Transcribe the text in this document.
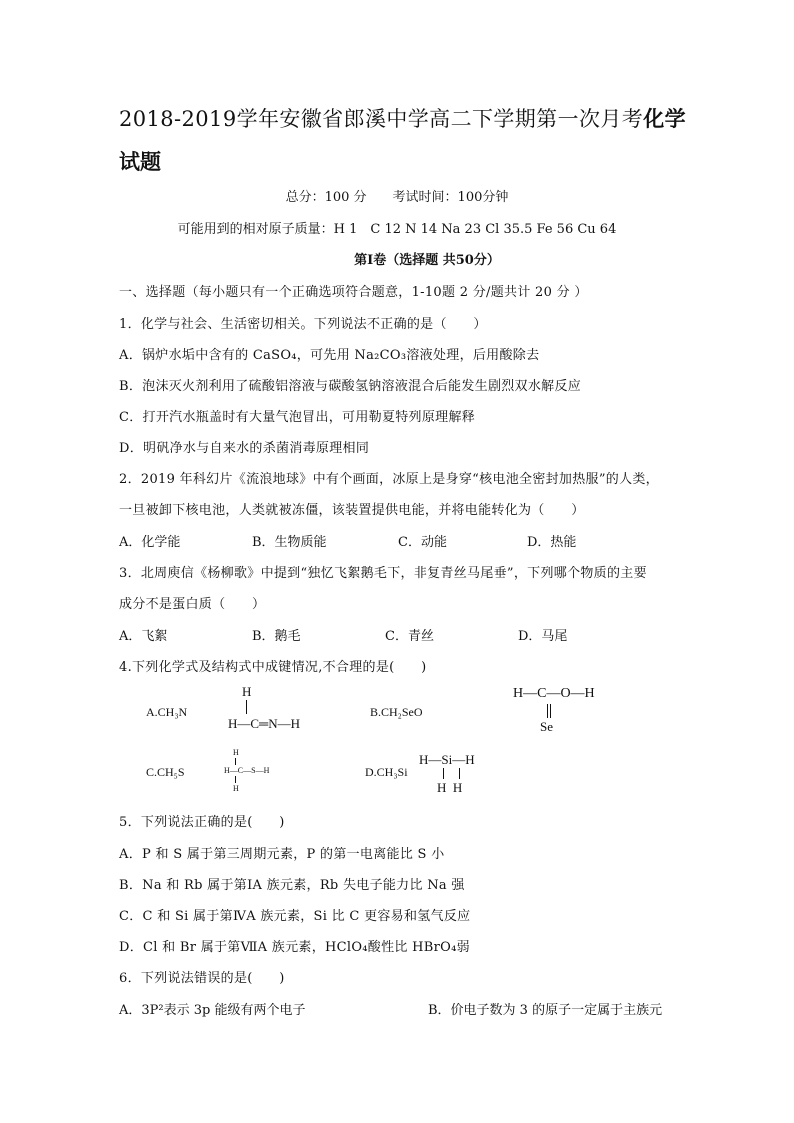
2018-2019学年安徽省郎溪中学高二下学期第一次月考化学
试题
总分：100 分　　考试时间：100分钟
可能用到的相对原子质量：H 1　C 12 N 14 Na 23 Cl 35.5 Fe 56 Cu 64
第Ⅰ卷（选择题 共50分）
一、选择题（每小题只有一个正确选项符合题意，1-10题 2 分/题共计 20 分 ）
1．化学与社会、生活密切相关。下列说法不正确的是（　　）
A．锅炉水垢中含有的 CaSO₄，可先用 Na₂CO₃溶液处理，后用酸除去
B．泡沫灭火剂利用了硫酸铝溶液与碳酸氢钠溶液混合后能发生剧烈双水解反应
C．打开汽水瓶盖时有大量气泡冒出，可用勒夏特列原理解释
D．明矾净水与自来水的杀菌消毒原理相同
2．2019 年科幻片《流浪地球》中有个画面，冰原上是身穿“核电池全密封加热服”的人类，
一旦被卸下核电池，人类就被冻僵，该装置提供电能，并将电能转化为（　　）
A．化学能	B．生物质能	C．动能	D．热能
3．北周庾信《杨柳歌》中提到“独忆飞絮鹅毛下，非复青丝马尾垂”，下列哪个物质的主要
成分不是蛋白质（　　）
A．飞絮	B．鹅毛	C．青丝	D．马尾
4.下列化学式及结构式中成键情况,不合理的是(　　)
A.CH₃N
H
H—C═N—H
B.CH₂SeO
H—C—O—H
Se
C.CH₅S
H
H—C—S—H
H
D.CH₃Si
H—Si—H
H  H
5．下列说法正确的是(　　)
A．P 和 S 属于第三周期元素，P 的第一电离能比 S 小
B．Na 和 Rb 属于第ⅠA 族元素，Rb 失电子能力比 Na 强
C．C 和 Si 属于第ⅣA 族元素，Si 比 C 更容易和氢气反应
D．Cl 和 Br 属于第ⅦA 族元素，HClO₄酸性比 HBrO₄弱
6．下列说法错误的是(　　)
A．3P²表示 3p 能级有两个电子	B．价电子数为 3 的原子一定属于主族元
